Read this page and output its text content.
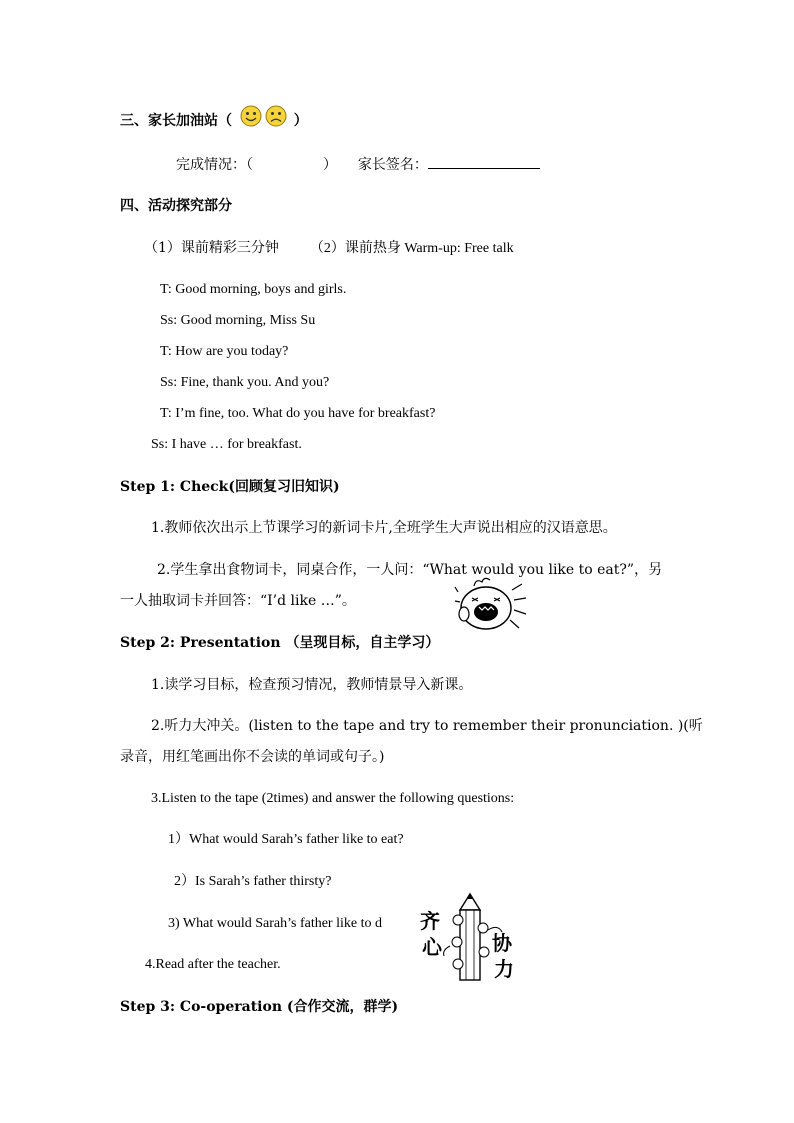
三、家长加油站（	）
完成情况：（	） 家长签名：
四、活动探究部分
（1）课前精彩三分钟 （2）课前热身 Warm-up: Free talk
T: Good morning, boys and girls.
Ss: Good morning, Miss Su
T: How are you today?
Ss: Fine, thank you. And you?
T: I’m fine, too. What do you have for breakfast?
Ss: I have … for breakfast.
Step 1: Check(回顾复习旧知识)
1.教师依次出示上节课学习的新词卡片,全班学生大声说出相应的汉语意思。
2.学生拿出食物词卡，同桌合作，一人问：“What would you like to eat?”，另
一人抽取词卡并回答：“I’d like …”。
Step 2: Presentation （呈现目标，自主学习）
1.读学习目标，检查预习情况，教师情景导入新课。
2.听力大冲关。(listen to the tape and try to remember their pronunciation. )(听
录音，用红笔画出你不会读的单词或句子。)
3.Listen to the tape (2times) and answer the following questions:
1）What would Sarah’s father like to eat?
2）Is Sarah’s father thirsty?
3) What would Sarah’s father like to d
4.Read after the teacher.
齐
心	协
力
Step 3: Co-operation (合作交流，群学)
